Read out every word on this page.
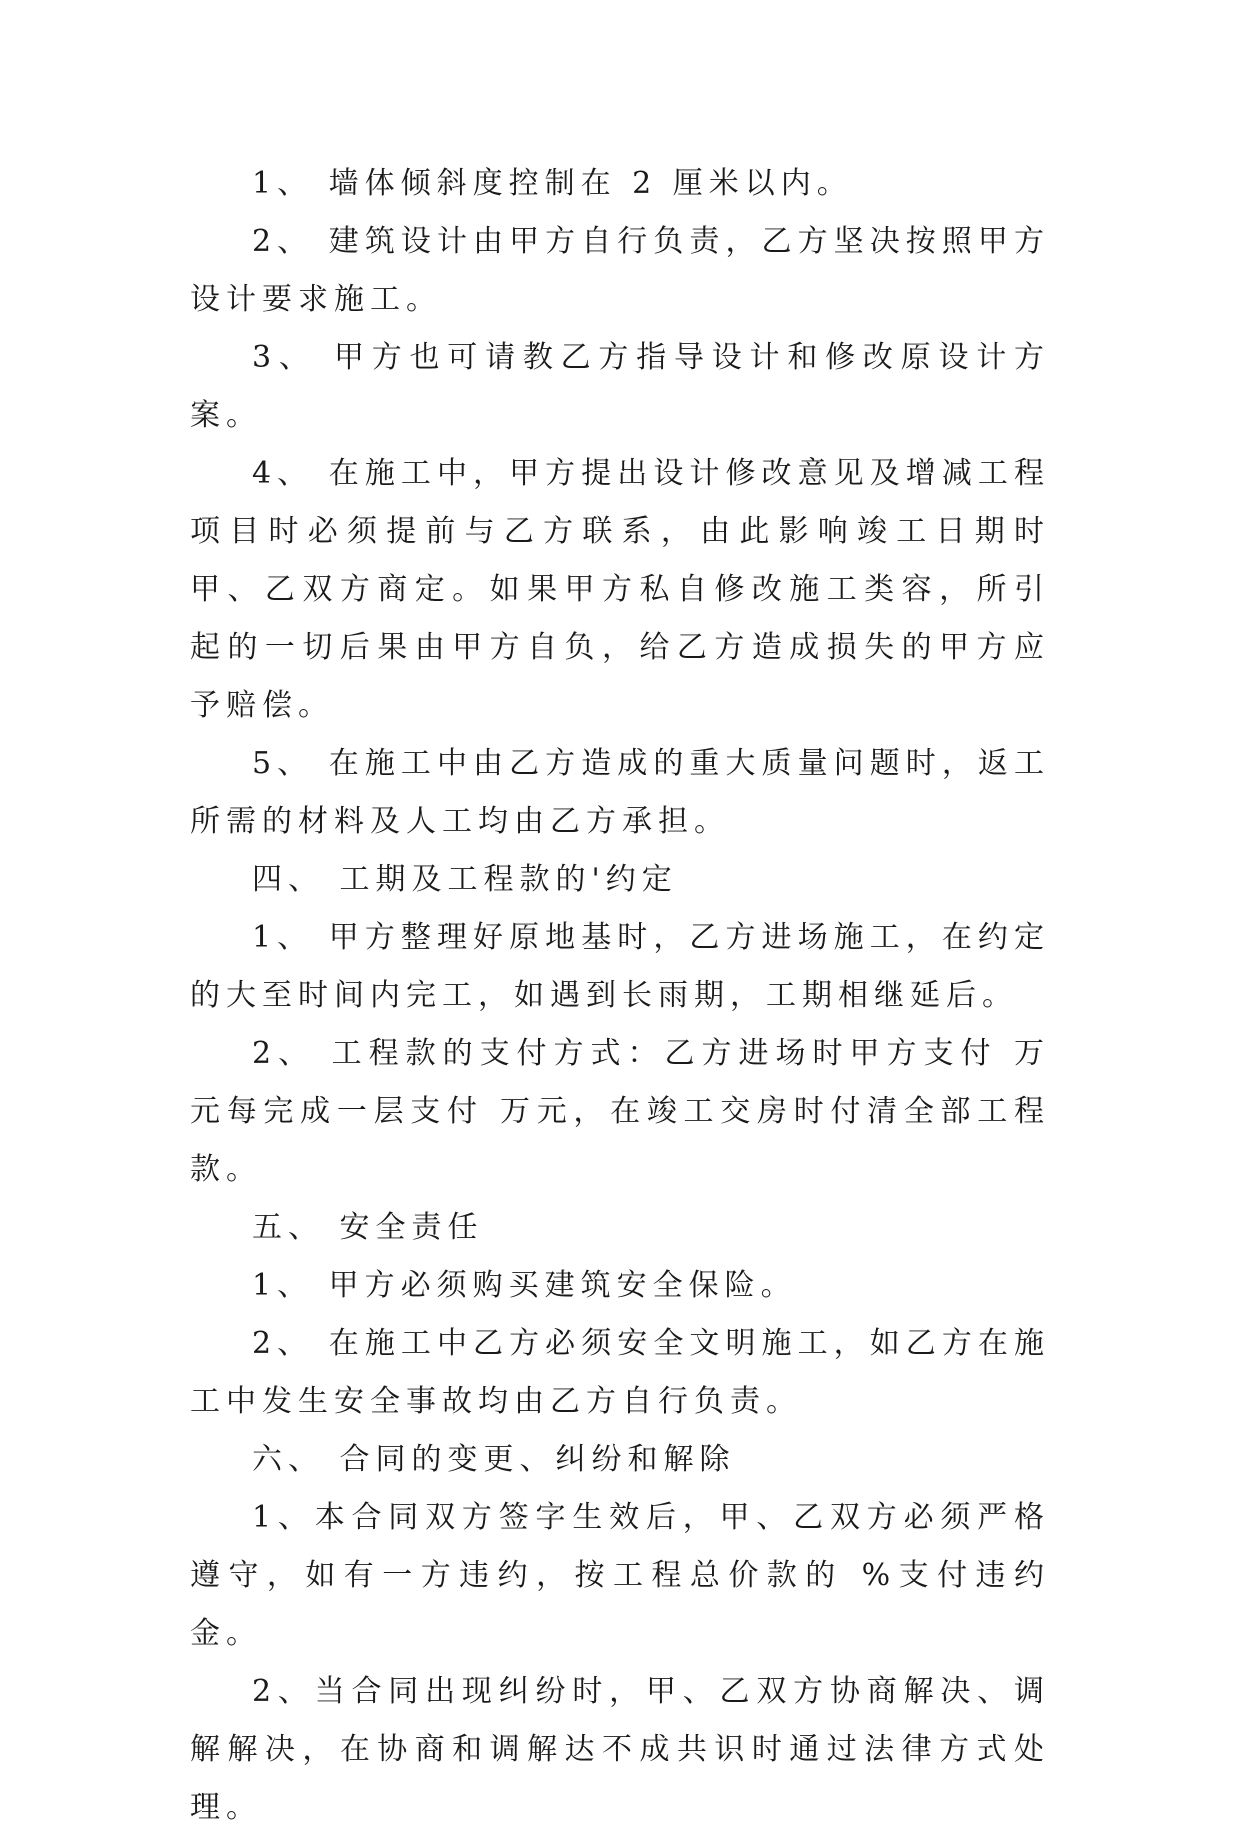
1、 墙体倾斜度控制在 2 厘米以内。

2、 建筑设计由甲方自行负责，乙方坚决按照甲方设计要求施工。

3、 甲方也可请教乙方指导设计和修改原设计方案。

4、 在施工中，甲方提出设计修改意见及增减工程项目时必须提前与乙方联系，由此影响竣工日期时甲、乙双方商定。如果甲方私自修改施工类容，所引起的一切后果由甲方自负，给乙方造成损失的甲方应予赔偿。

5、 在施工中由乙方造成的重大质量问题时，返工所需的材料及人工均由乙方承担。

四、 工期及工程款的'约定

1、 甲方整理好原地基时，乙方进场施工，在约定的大至时间内完工，如遇到长雨期，工期相继延后。

2、 工程款的支付方式：乙方进场时甲方支付 万元每完成一层支付 万元，在竣工交房时付清全部工程款。

五、 安全责任

1、 甲方必须购买建筑安全保险。

2、 在施工中乙方必须安全文明施工，如乙方在施工中发生安全事故均由乙方自行负责。

六、 合同的变更、纠纷和解除

1、本合同双方签字生效后，甲、乙双方必须严格遵守，如有一方违约，按工程总价款的 %支付违约金。

2、当合同出现纠纷时，甲、乙双方协商解决、调解解决，在协商和调解达不成共识时通过法律方式处理。
